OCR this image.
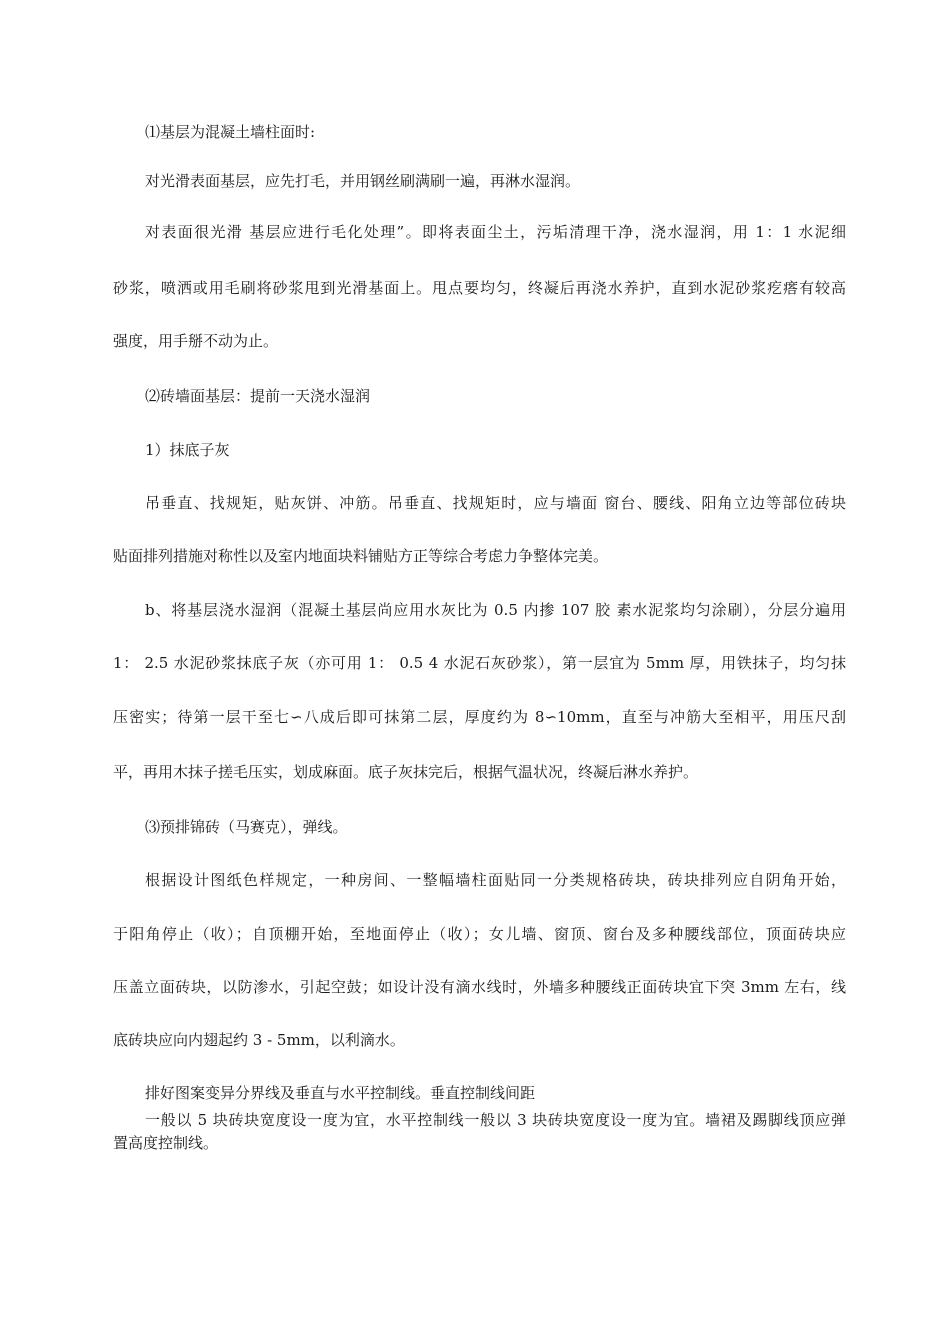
⑴基层为混凝土墙柱面时:
对光滑表面基层，应先打毛，并用钢丝刷满刷一遍，再淋水湿润。
对表面很光滑 基层应进行毛化处理”。即将表面尘土，污垢清理干净，浇水湿润，用 1：1 水泥细
砂浆，喷洒或用毛刷将砂浆甩到光滑基面上。甩点要均匀，终凝后再浇水养护，直到水泥砂浆疙瘩有较高
强度，用手掰不动为止。
⑵砖墙面基层：提前一天浇水湿润
1）抹底子灰
吊垂直、找规矩，贴灰饼、冲筋。吊垂直、找规矩时，应与墙面 窗台、腰线、阳角立边等部位砖块
贴面排列措施对称性以及室内地面块料铺贴方正等综合考虑力争整体完美。
b、将基层浇水湿润（混凝土基层尚应用水灰比为 0.5 内掺 107 胶 素水泥浆均匀涂刷），分层分遍用
1： 2.5 水泥砂浆抹底子灰（亦可用 1： 0.5 4 水泥石灰砂浆），第一层宜为 5mm 厚，用铁抹子，均匀抹
压密实；待第一层干至七∽八成后即可抹第二层，厚度约为 8∽10mm，直至与冲筋大至相平，用压尺刮
平，再用木抹子搓毛压实，划成麻面。底子灰抹完后，根据气温状况，终凝后淋水养护。
⑶预排锦砖（马赛克），弹线。
根据设计图纸色样规定，一种房间、一整幅墙柱面贴同一分类规格砖块，砖块排列应自阴角开始，
于阳角停止（收）；自顶棚开始，至地面停止（收）；女儿墙、窗顶、窗台及多种腰线部位，顶面砖块应
压盖立面砖块，以防渗水，引起空鼓；如设计没有滴水线时，外墙多种腰线正面砖块宜下突 3mm 左右，线
底砖块应向内翅起约 3 - 5mm，以利滴水。
排好图案变异分界线及垂直与水平控制线。垂直控制线间距
一般以 5 块砖块宽度设一度为宜，水平控制线一般以 3 块砖块宽度设一度为宜。墙裙及踢脚线顶应弹
置高度控制线。
